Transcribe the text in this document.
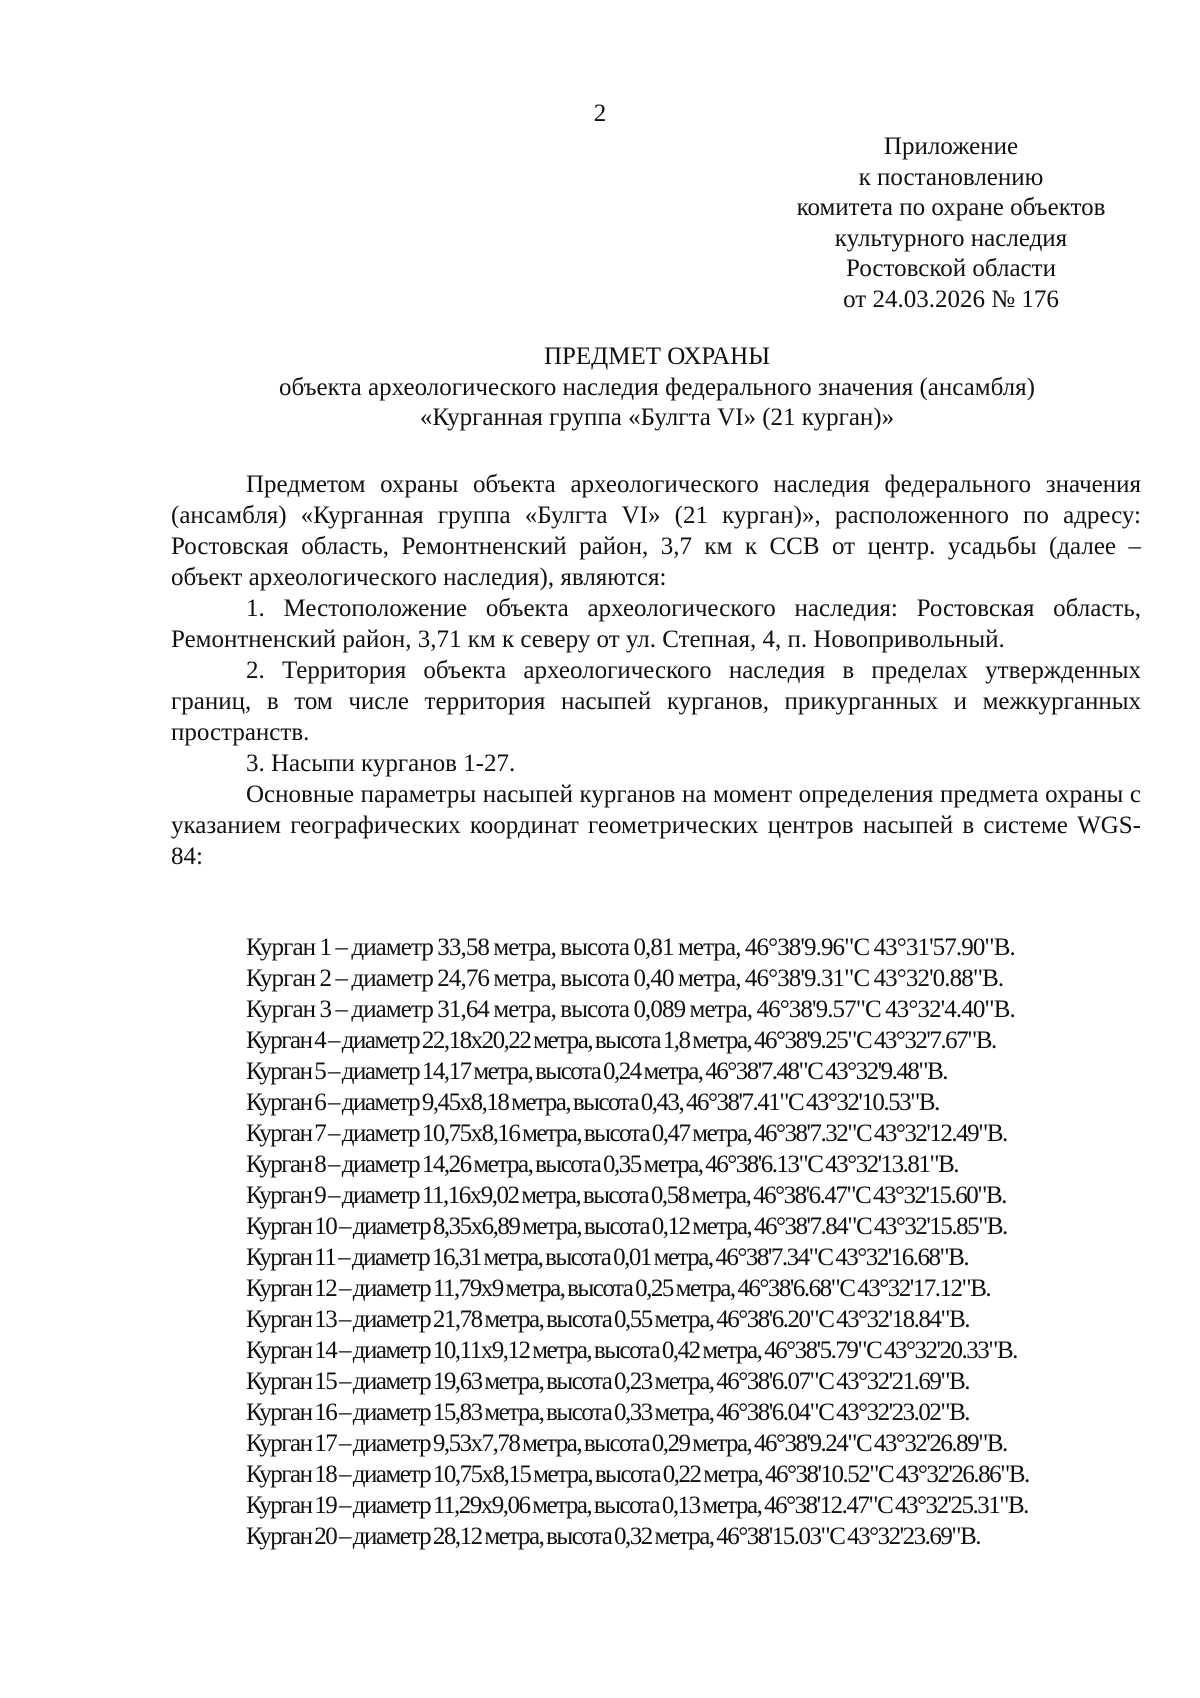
2
Приложение
к постановлению
комитета по охране объектов
культурного наследия
Ростовской области
от 24.03.2026 № 176
ПРЕДМЕТ ОХРАНЫ
объекта археологического наследия федерального значения (ансамбля)
«Курганная группа «Булгта VI» (21 курган)»

Предметом охраны объекта археологического наследия федерального значения (ансамбля) «Курганная группа «Булгта VI» (21 курган)», расположенного по адресу: Ростовская область, Ремонтненский район, 3,7 км к ССВ от центр. усадьбы (далее – объект археологического наследия), являются:

1. Местоположение объекта археологического наследия: Ростовская область, Ремонтненский район, 3,71 км к северу от ул. Степная, 4, п. Новопривольный.

2. Территория объекта археологического наследия в пределах утвержденных границ, в том числе территория насыпей курганов, прикурганных и межкурганных пространств.

3. Насыпи курганов 1-27.

Основные параметры насыпей курганов на момент определения предмета охраны с указанием географических координат геометрических центров насыпей в системе WGS-84:

Курган 1 – диаметр 33,58 метра, высота 0,81 метра, 46°38'9.96"С 43°31'57.90"В.
Курган 2 – диаметр 24,76 метра, высота 0,40 метра, 46°38'9.31"С 43°32'0.88"В.
Курган 3 – диаметр 31,64 метра, высота 0,089 метра, 46°38'9.57"С 43°32'4.40"В.
Курган 4 – диаметр 22,18х20,22 метра, высота 1,8 метра, 46°38'9.25"С 43°32'7.67"В.
Курган 5 – диаметр 14,17 метра, высота 0,24 метра, 46°38'7.48"С 43°32'9.48"В.
Курган 6 – диаметр 9,45х8,18 метра, высота 0,43, 46°38'7.41"С 43°32'10.53"В.
Курган 7 – диаметр 10,75х8,16 метра, высота 0,47 метра, 46°38'7.32"С 43°32'12.49"В.
Курган 8 – диаметр 14,26 метра, высота 0,35 метра, 46°38'6.13"С 43°32'13.81"В.
Курган 9 – диаметр 11,16х9,02 метра, высота 0,58 метра, 46°38'6.47"С 43°32'15.60"В.
Курган 10 – диаметр 8,35х6,89 метра, высота 0,12 метра, 46°38'7.84"С 43°32'15.85"В.
Курган 11 – диаметр 16,31 метра, высота 0,01 метра, 46°38'7.34"С 43°32'16.68"В.
Курган 12 – диаметр 11,79х9 метра, высота 0,25 метра, 46°38'6.68"С 43°32'17.12"В.
Курган 13 – диаметр 21,78 метра, высота 0,55 метра, 46°38'6.20"С 43°32'18.84"В.
Курган 14 – диаметр 10,11х9,12 метра, высота 0,42 метра, 46°38'5.79"С 43°32'20.33"В.
Курган 15 – диаметр 19,63 метра, высота 0,23 метра, 46°38'6.07"С 43°32'21.69"В.
Курган 16 – диаметр 15,83 метра, высота 0,33 метра, 46°38'6.04"С 43°32'23.02"В.
Курган 17 – диаметр 9,53х7,78 метра, высота 0,29 метра, 46°38'9.24"С 43°32'26.89"В.
Курган 18 – диаметр 10,75х8,15 метра, высота 0,22 метра, 46°38'10.52"С 43°32'26.86"В.
Курган 19 – диаметр 11,29х9,06 метра, высота 0,13 метра, 46°38'12.47"С 43°32'25.31"В.
Курган 20 – диаметр 28,12 метра, высота 0,32 метра, 46°38'15.03"С 43°32'23.69"В.
